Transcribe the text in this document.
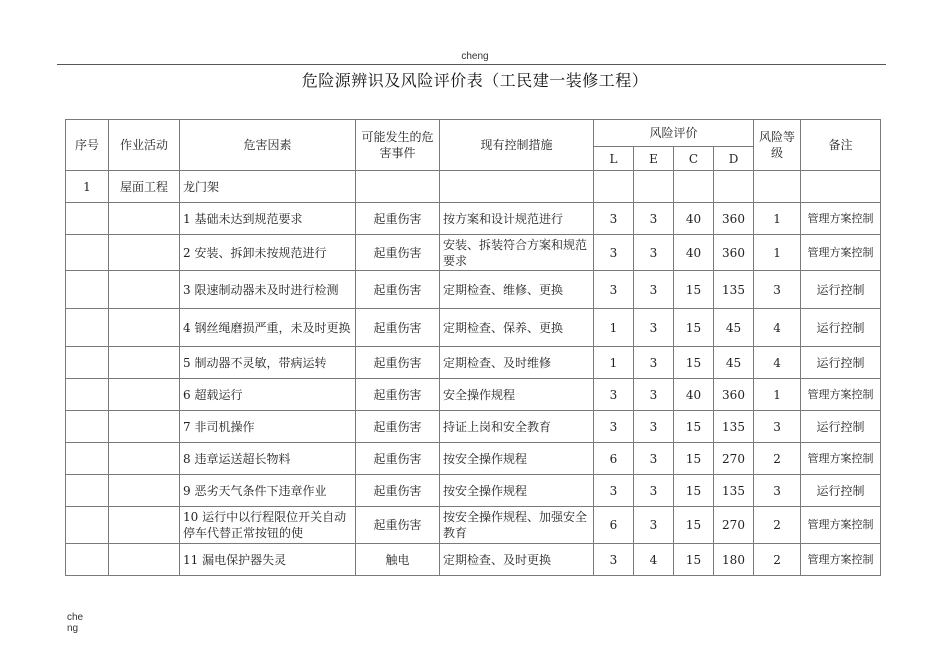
cheng
危险源辨识及风险评价表（工民建一装修工程）
序号	作业活动	危害因素	可能发生的危害事件	现有控制措施	风险评价				风险等级	备注
					L	E	C	D		
1	屋面工程	龙门架								
		1 基础未达到规范要求	起重伤害	按方案和设计规范进行	3	3	40	360	1	管理方案控制
		2 安装、拆卸未按规范进行	起重伤害	安装、拆装符合方案和规范要求	3	3	40	360	1	管理方案控制
		3 限速制动器未及时进行检测	起重伤害	定期检查、维修、更换	3	3	15	135	3	运行控制
		4 钢丝绳磨损严重，未及时更换	起重伤害	定期检查、保养、更换	1	3	15	45	4	运行控制
		5 制动器不灵敏，带病运转	起重伤害	定期检查、及时维修	1	3	15	45	4	运行控制
		6 超载运行	起重伤害	安全操作规程	3	3	40	360	1	管理方案控制
		7 非司机操作	起重伤害	持证上岗和安全教育	3	3	15	135	3	运行控制
		8 违章运送超长物料	起重伤害	按安全操作规程	6	3	15	270	2	管理方案控制
		9 恶劣天气条件下违章作业	起重伤害	按安全操作规程	3	3	15	135	3	运行控制
		10 运行中以行程限位开关自动停车代替正常按钮的使	起重伤害	按安全操作规程、加强安全教育	6	3	15	270	2	管理方案控制
		11 漏电保护器失灵	触电	定期检查、及时更换	3	4	15	180	2	管理方案控制
cheng
